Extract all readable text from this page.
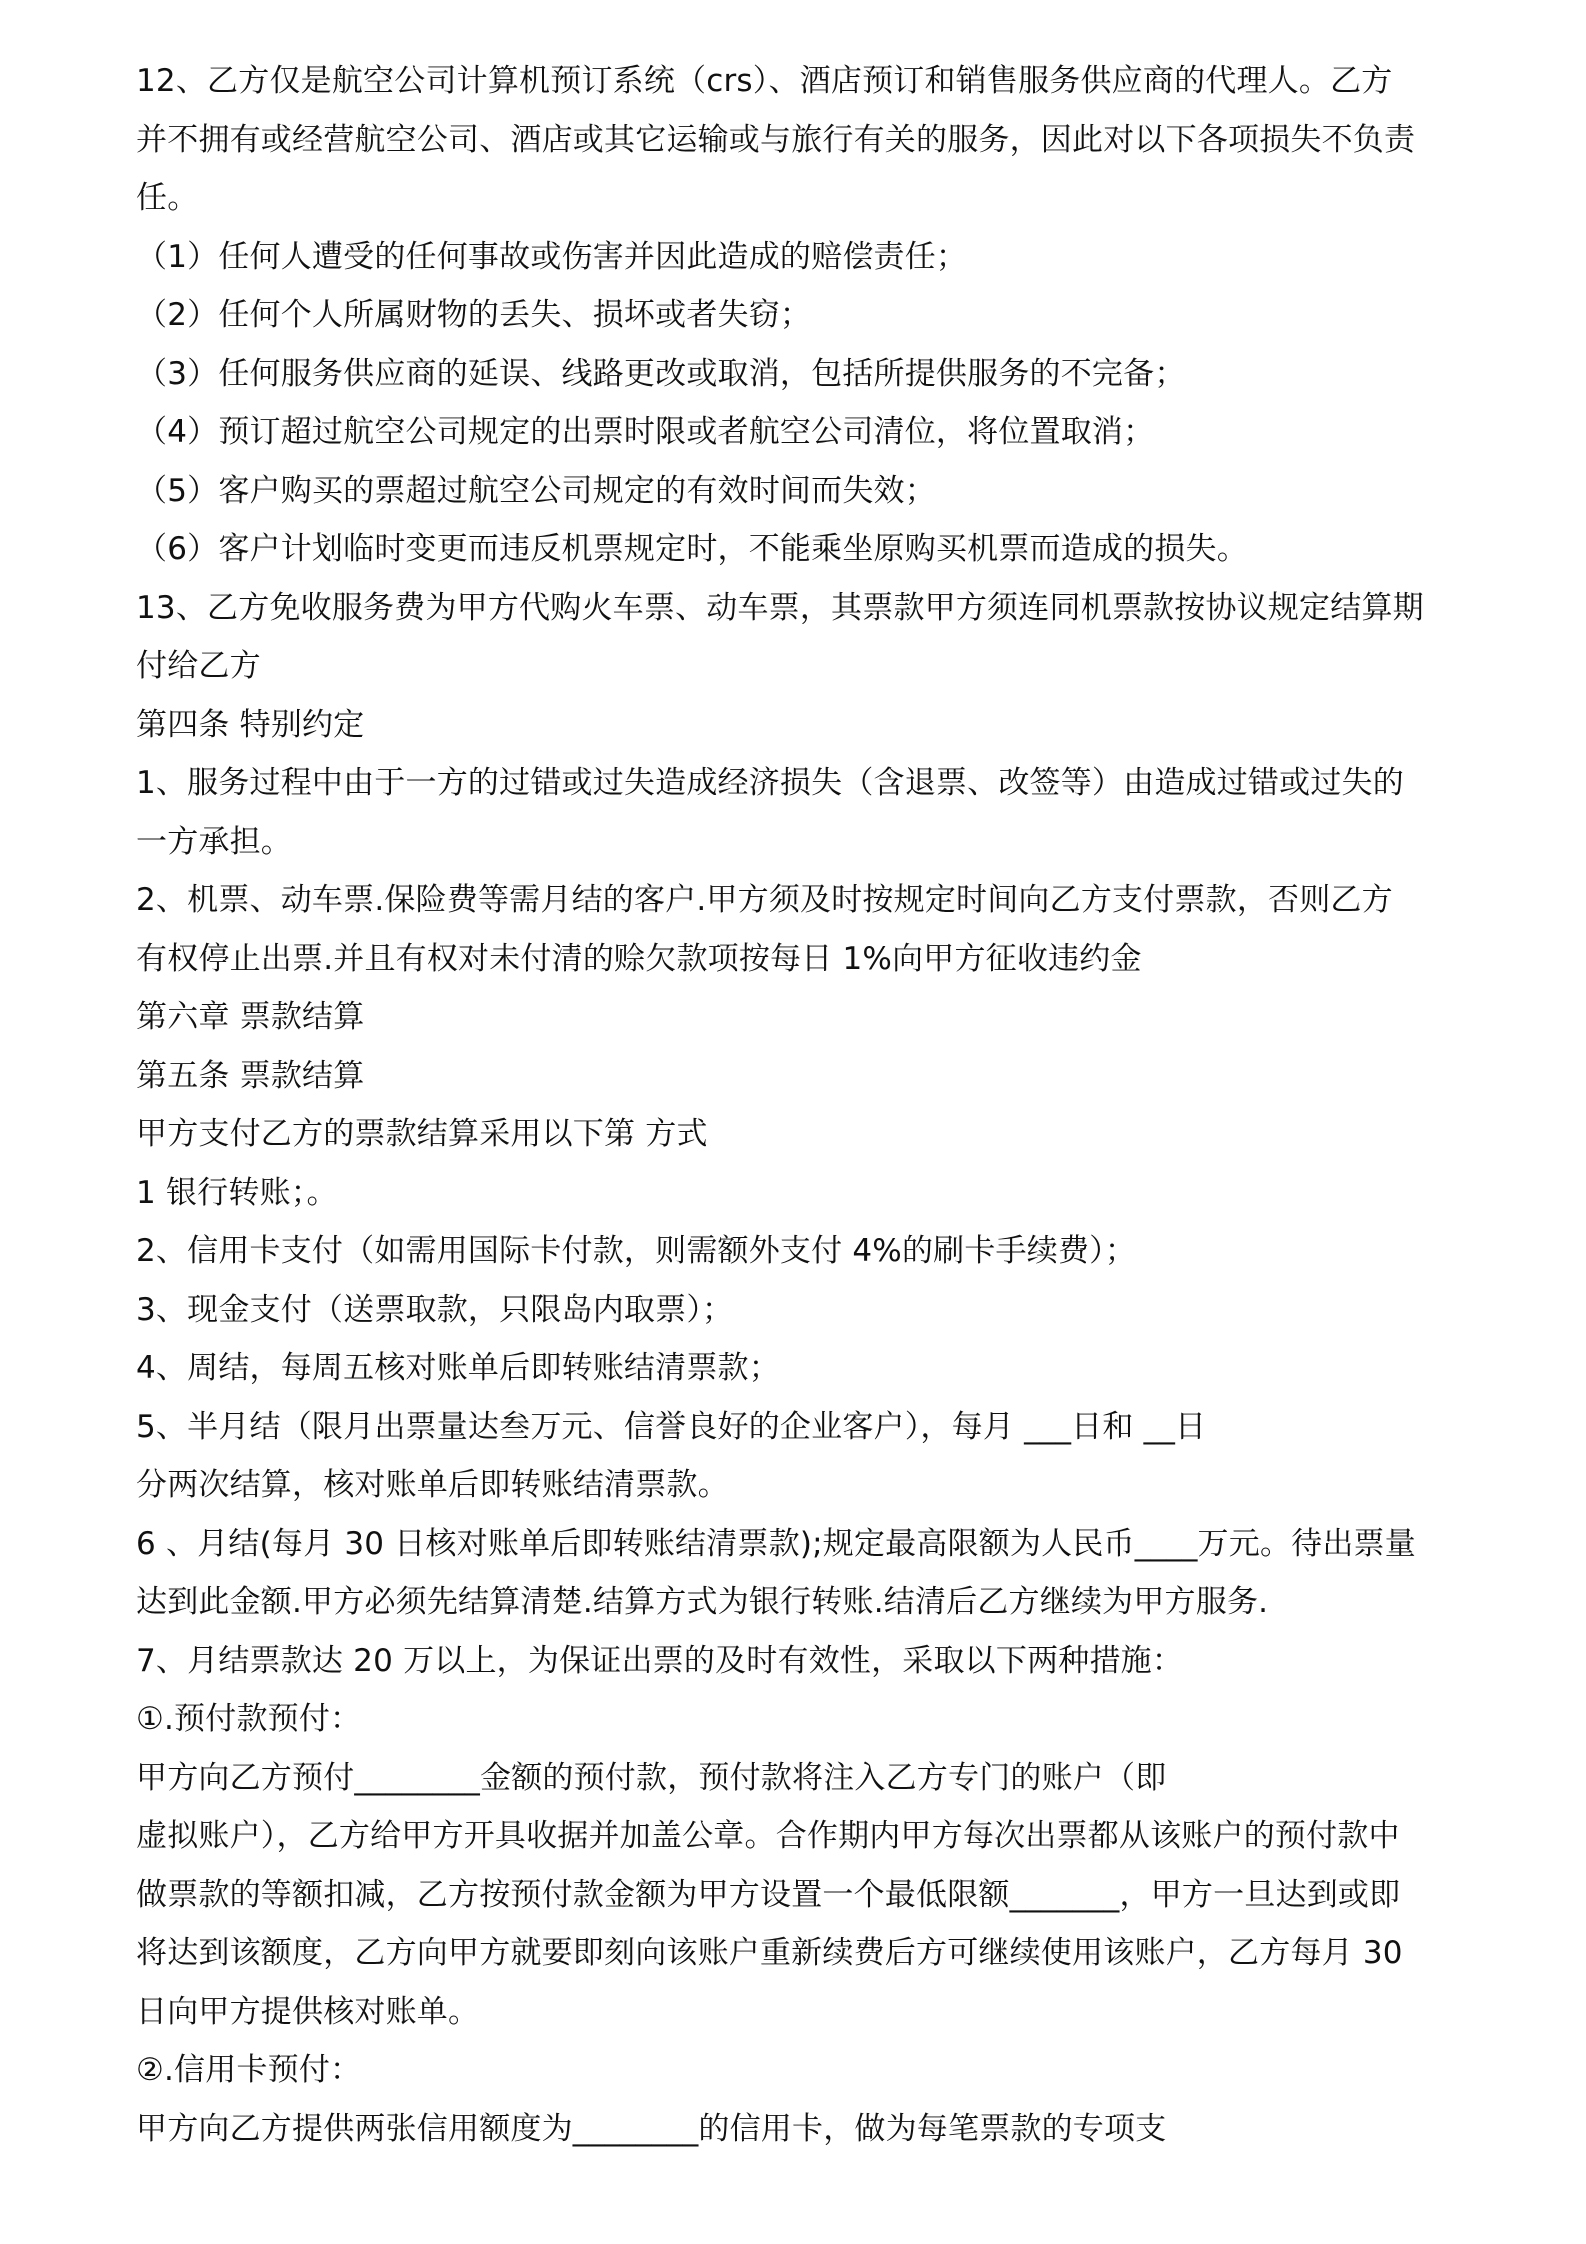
12、乙方仅是航空公司计算机预订系统（crs）、酒店预订和销售服务供应商的代理人。乙方
并不拥有或经营航空公司、酒店或其它运输或与旅行有关的服务，因此对以下各项损失不负责
任。
（1）任何人遭受的任何事故或伤害并因此造成的赔偿责任；
（2）任何个人所属财物的丢失、损坏或者失窃；
（3）任何服务供应商的延误、线路更改或取消，包括所提供服务的不完备；
（4）预订超过航空公司规定的出票时限或者航空公司清位，将位置取消；
（5）客户购买的票超过航空公司规定的有效时间而失效；
（6）客户计划临时变更而违反机票规定时，不能乘坐原购买机票而造成的损失。
13、乙方免收服务费为甲方代购火车票、动车票，其票款甲方须连同机票款按协议规定结算期
付给乙方
第四条 特别约定
1、服务过程中由于一方的过错或过失造成经济损失（含退票、改签等）由造成过错或过失的
一方承担。
2、机票、动车票.保险费等需月结的客户.甲方须及时按规定时间向乙方支付票款，否则乙方
有权停止出票.并且有权对未付清的赊欠款项按每日 1%向甲方征收违约金
第六章 票款结算
第五条 票款结算
甲方支付乙方的票款结算采用以下第 方式
1 银行转账；。
2、信用卡支付（如需用国际卡付款，则需额外支付 4%的刷卡手续费）；
3、现金支付（送票取款，只限岛内取票）；
4、周结，每周五核对账单后即转账结清票款；
5、半月结（限月出票量达叁万元、信誉良好的企业客户），每月 ___日和 __日
分两次结算，核对账单后即转账结清票款。
6 、月结(每月 30 日核对账单后即转账结清票款);规定最高限额为人民币____万元。待出票量
达到此金额.甲方必须先结算清楚.结算方式为银行转账.结清后乙方继续为甲方服务.
7、月结票款达 20 万以上，为保证出票的及时有效性，采取以下两种措施：
①.预付款预付：
甲方向乙方预付________金额的预付款，预付款将注入乙方专门的账户（即
虚拟账户），乙方给甲方开具收据并加盖公章。合作期内甲方每次出票都从该账户的预付款中
做票款的等额扣减，乙方按预付款金额为甲方设置一个最低限额_______，甲方一旦达到或即
将达到该额度，乙方向甲方就要即刻向该账户重新续费后方可继续使用该账户，乙方每月 30
日向甲方提供核对账单。
②.信用卡预付：
甲方向乙方提供两张信用额度为________的信用卡，做为每笔票款的专项支
